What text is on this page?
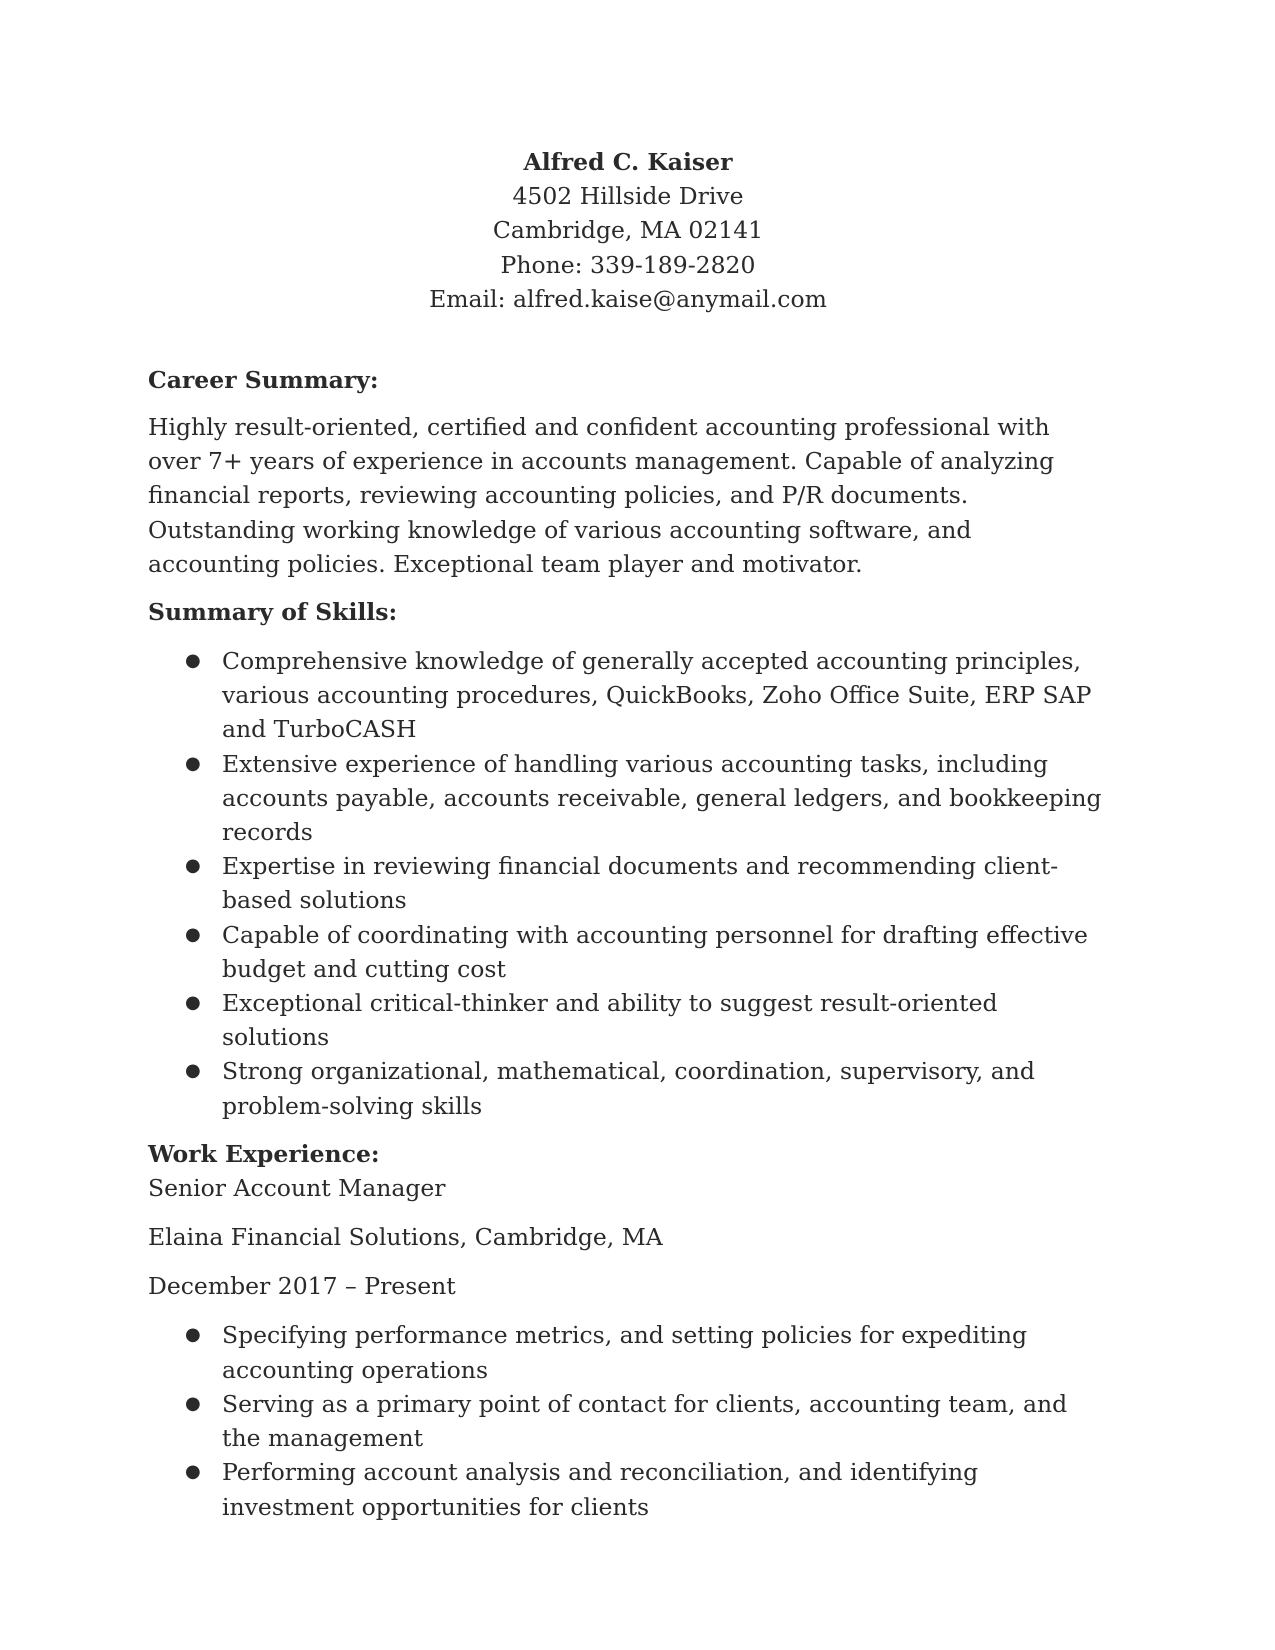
Alfred C. Kaiser
4502 Hillside Drive
Cambridge, MA 02141
Phone: 339-189-2820
Email: alfred.kaise@anymail.com
Career Summary:
Highly result-oriented, certified and confident accounting professional with over 7+ years of experience in accounts management. Capable of analyzing financial reports, reviewing accounting policies, and P/R documents. Outstanding working knowledge of various accounting software, and accounting policies. Exceptional team player and motivator.
Summary of Skills:
● Comprehensive knowledge of generally accepted accounting principles, various accounting procedures, QuickBooks, Zoho Office Suite, ERP SAP and TurboCASH
● Extensive experience of handling various accounting tasks, including accounts payable, accounts receivable, general ledgers, and bookkeeping records
● Expertise in reviewing financial documents and recommending client-based solutions
● Capable of coordinating with accounting personnel for drafting effective budget and cutting cost
● Exceptional critical-thinker and ability to suggest result-oriented solutions
● Strong organizational, mathematical, coordination, supervisory, and problem-solving skills
Work Experience:
Senior Account Manager
Elaina Financial Solutions, Cambridge, MA
December 2017 – Present
● Specifying performance metrics, and setting policies for expediting accounting operations
● Serving as a primary point of contact for clients, accounting team, and the management
● Performing account analysis and reconciliation, and identifying investment opportunities for clients
